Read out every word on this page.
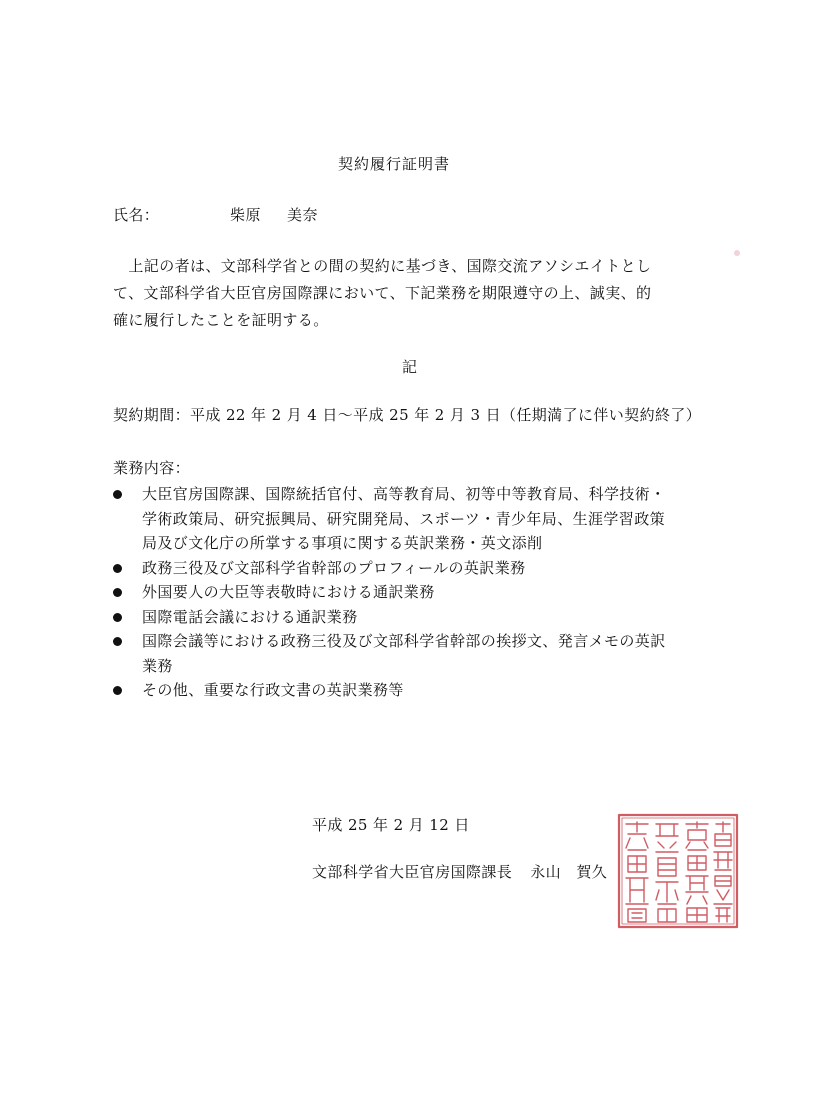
契約履行証明書
氏名：	柴原 美奈
　上記の者は、文部科学省との間の契約に基づき、国際交流アソシエイトとし
て、文部科学省大臣官房国際課において、下記業務を期限遵守の上、誠実、的
確に履行したことを証明する。
記
契約期間：平成 22 年 2 月 4 日～平成 25 年 2 月 3 日（任期満了に伴い契約終了）
業務内容：
大臣官房国際課、国際統括官付、高等教育局、初等中等教育局、科学技術・
学術政策局、研究振興局、研究開発局、スポーツ・青少年局、生涯学習政策
局及び文化庁の所掌する事項に関する英訳業務・英文添削
政務三役及び文部科学省幹部のプロフィールの英訳業務
外国要人の大臣等表敬時における通訳業務
国際電話会議における通訳業務
国際会議等における政務三役及び文部科学省幹部の挨拶文、発言メモの英訳
業務
その他、重要な行政文書の英訳業務等
平成 25 年 2 月 12 日
文部科学省大臣官房国際課長 永山　賀久
